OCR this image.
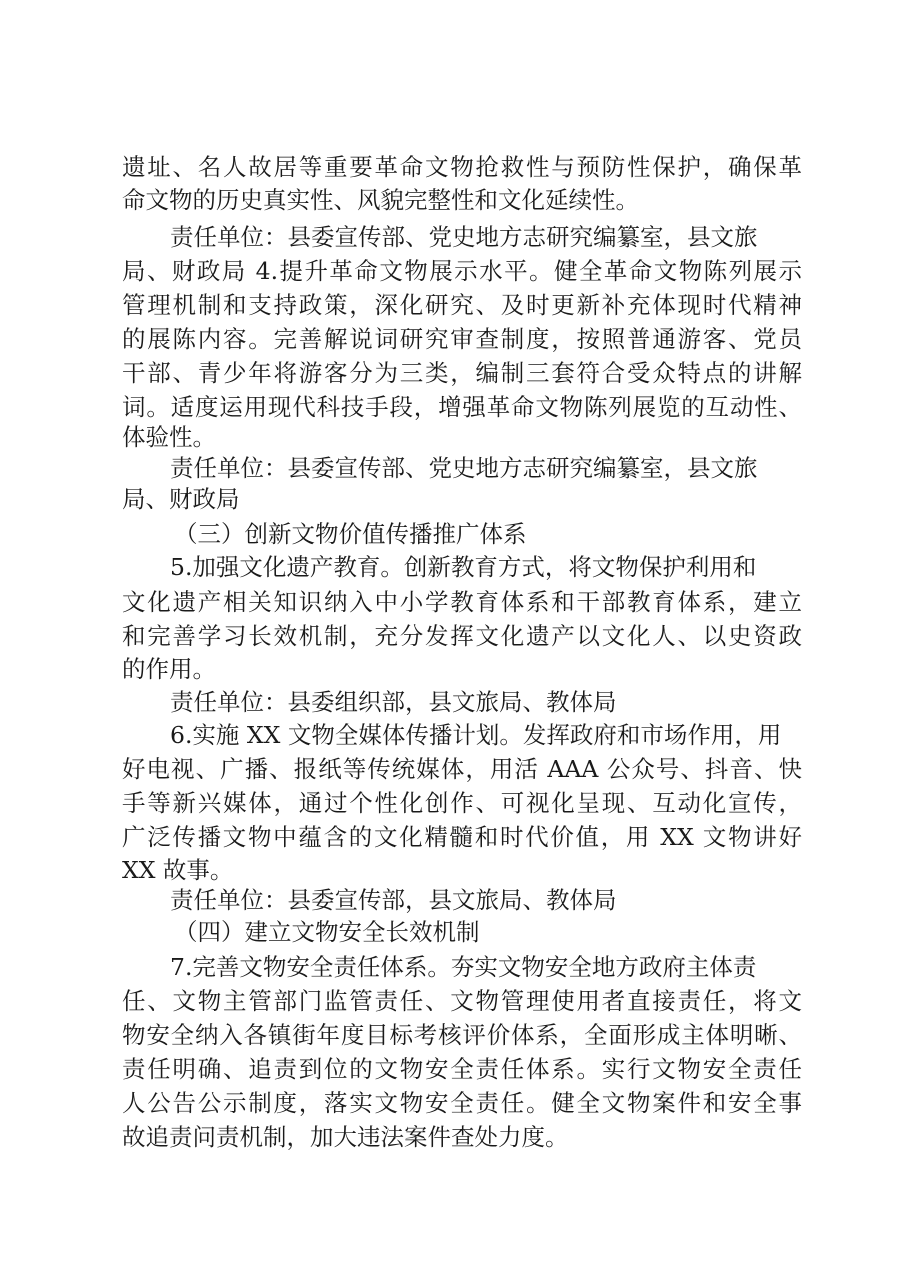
遗址、名人故居等重要革命文物抢救性与预防性保护，确保革
命文物的历史真实性、风貌完整性和文化延续性。
责任单位：县委宣传部、党史地方志研究编纂室，县文旅
局、财政局 4.提升革命文物展示水平。健全革命文物陈列展示
管理机制和支持政策，深化研究、及时更新补充体现时代精神
的展陈内容。完善解说词研究审查制度，按照普通游客、党员
干部、青少年将游客分为三类，编制三套符合受众特点的讲解
词。适度运用现代科技手段，增强革命文物陈列展览的互动性、
体验性。
责任单位：县委宣传部、党史地方志研究编纂室，县文旅
局、财政局
（三）创新文物价值传播推广体系
5.加强文化遗产教育。创新教育方式，将文物保护利用和
文化遗产相关知识纳入中小学教育体系和干部教育体系，建立
和完善学习长效机制，充分发挥文化遗产以文化人、以史资政
的作用。
责任单位：县委组织部，县文旅局、教体局
6.实施 XX 文物全媒体传播计划。发挥政府和市场作用，用
好电视、广播、报纸等传统媒体，用活 AAA 公众号、抖音、快
手等新兴媒体，通过个性化创作、可视化呈现、互动化宣传，
广泛传播文物中蕴含的文化精髓和时代价值，用 XX 文物讲好
XX 故事。
责任单位：县委宣传部，县文旅局、教体局
（四）建立文物安全长效机制
7.完善文物安全责任体系。夯实文物安全地方政府主体责
任、文物主管部门监管责任、文物管理使用者直接责任，将文
物安全纳入各镇街年度目标考核评价体系，全面形成主体明晰、
责任明确、追责到位的文物安全责任体系。实行文物安全责任
人公告公示制度，落实文物安全责任。健全文物案件和安全事
故追责问责机制，加大违法案件查处力度。
